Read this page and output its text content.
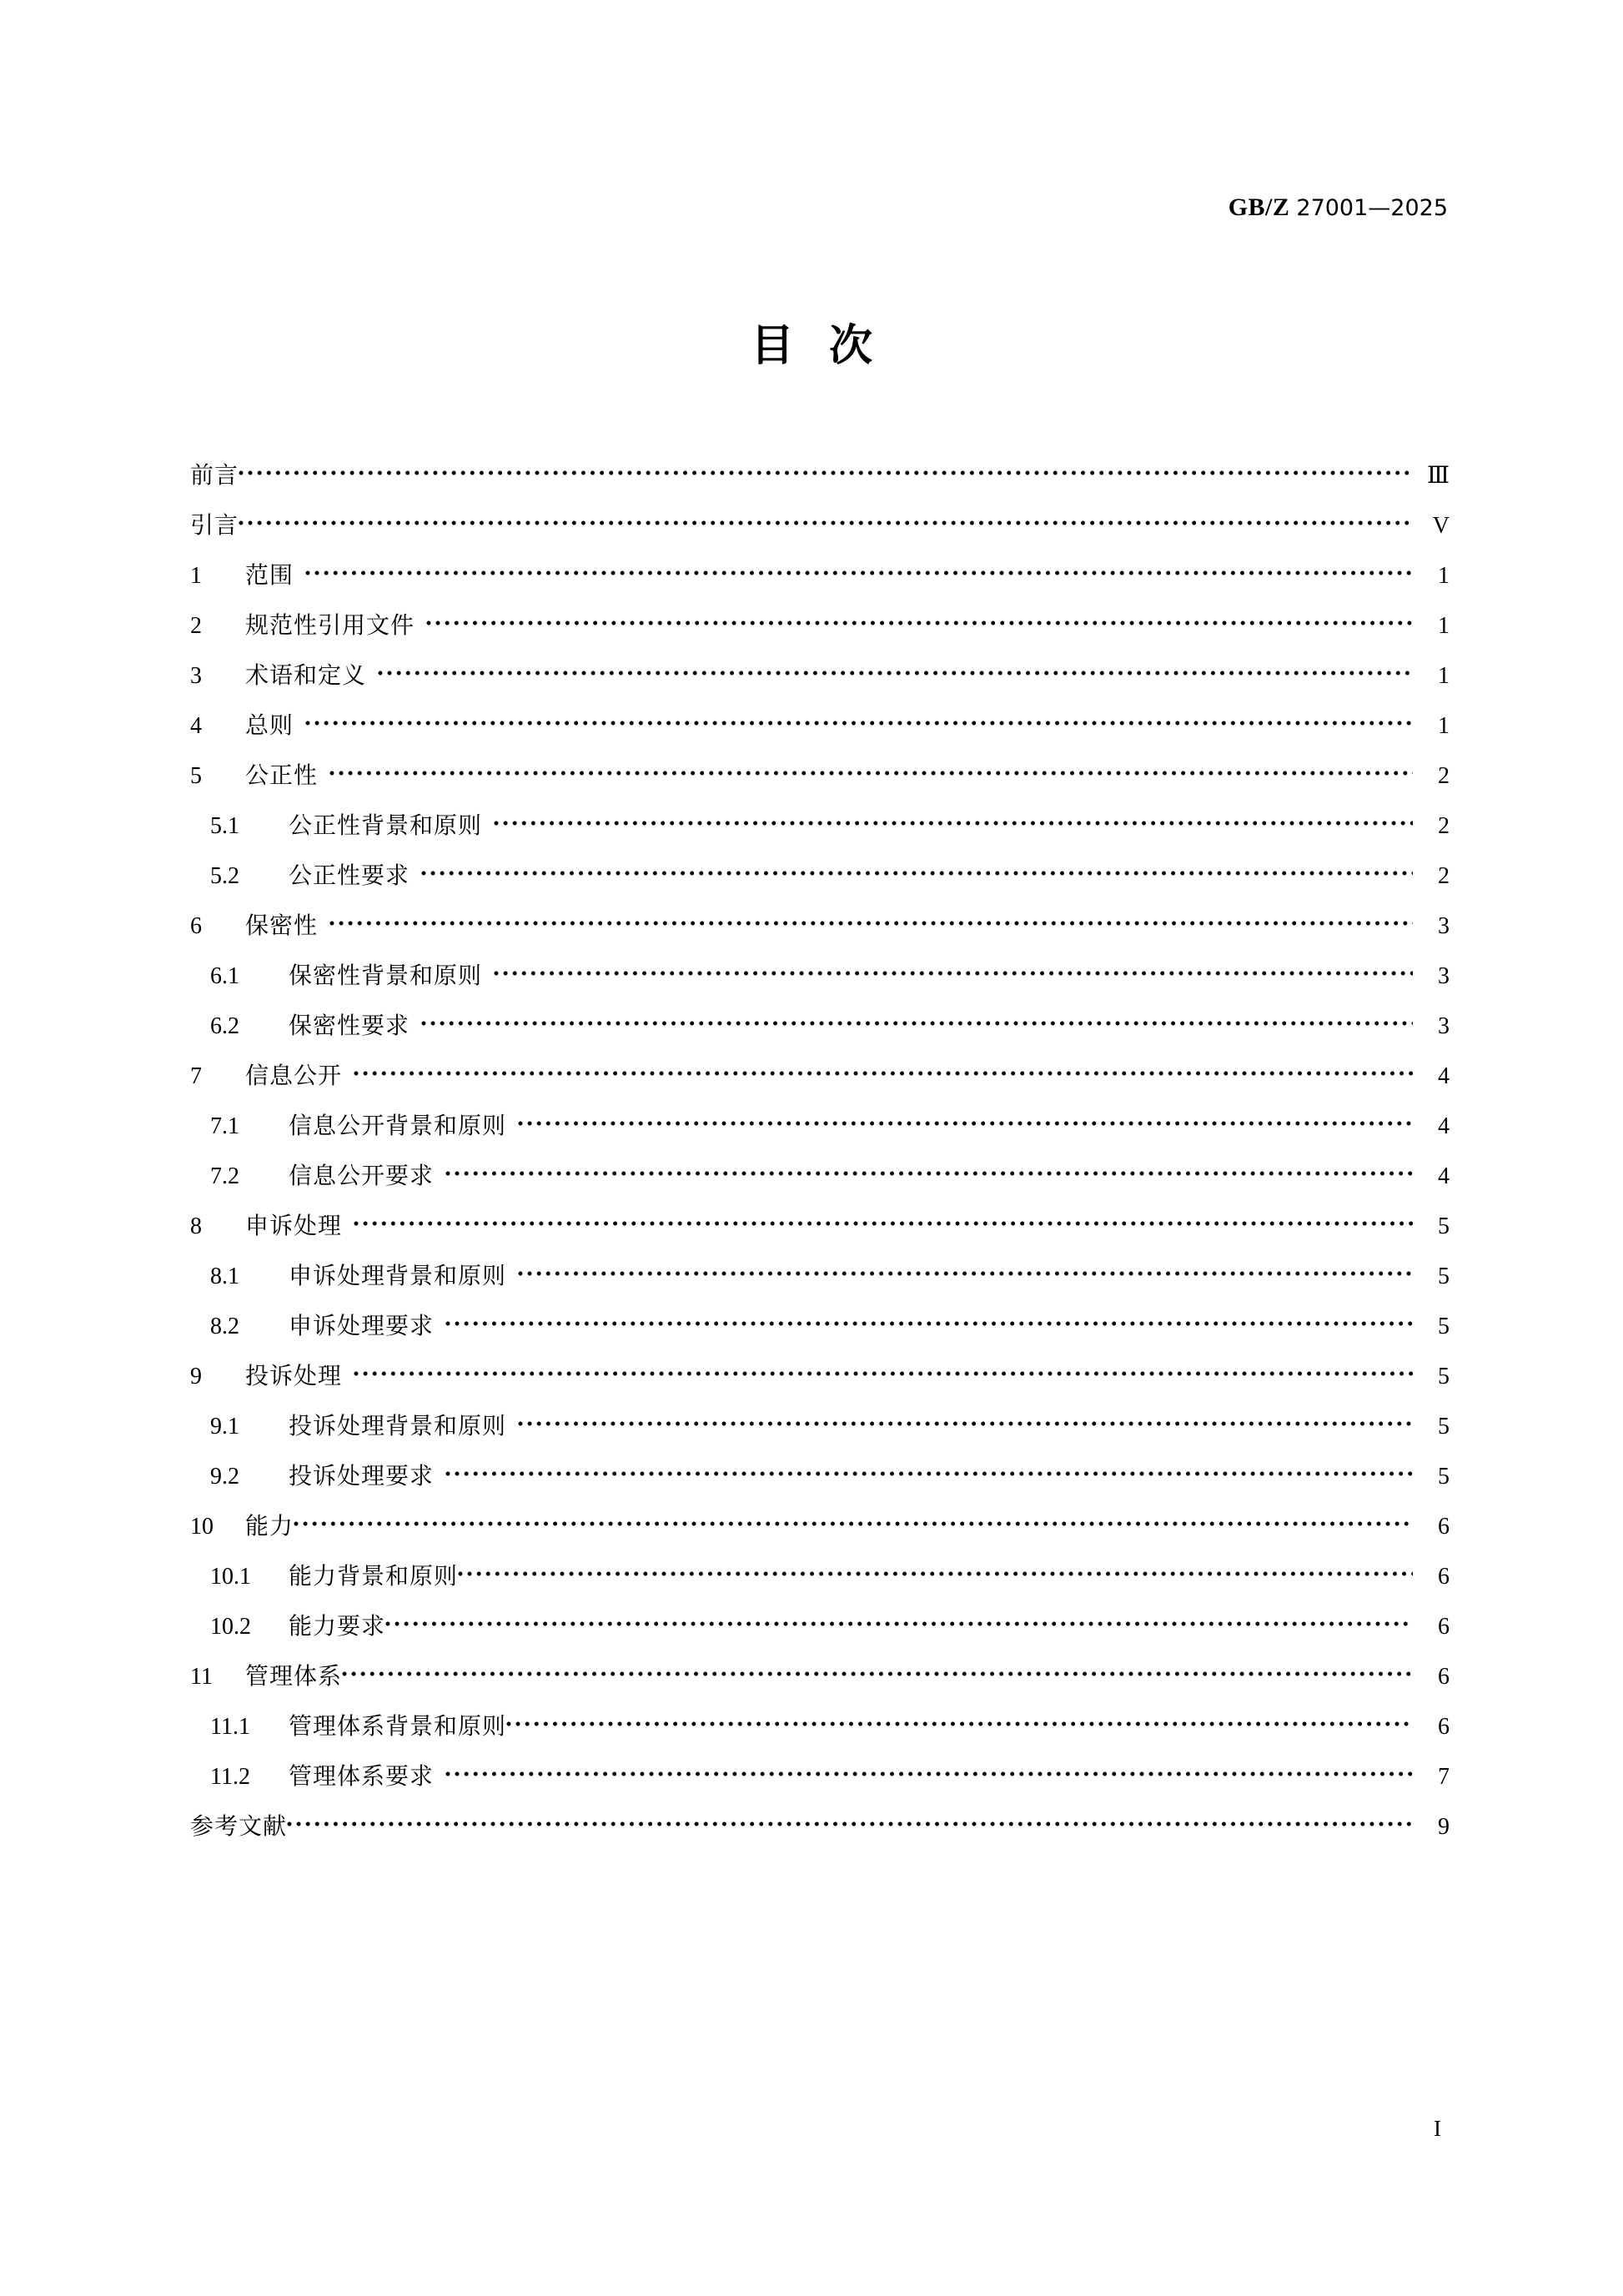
GB/Z 27001—2025
目次
前言	Ⅲ
引言	V
1	范围	1
2	规范性引用文件	1
3	术语和定义	1
4	总则	1
5	公正性	2
5.1	公正性背景和原则	2
5.2	公正性要求	2
6	保密性	3
6.1	保密性背景和原则	3
6.2	保密性要求	3
7	信息公开	4
7.1	信息公开背景和原则	4
7.2	信息公开要求	4
8	申诉处理	5
8.1	申诉处理背景和原则	5
8.2	申诉处理要求	5
9	投诉处理	5
9.1	投诉处理背景和原则	5
9.2	投诉处理要求	5
10	能力	6
10.1	能力背景和原则	6
10.2	能力要求	6
11	管理体系	6
11.1	管理体系背景和原则	6
11.2	管理体系要求	7
参考文献	9
I
